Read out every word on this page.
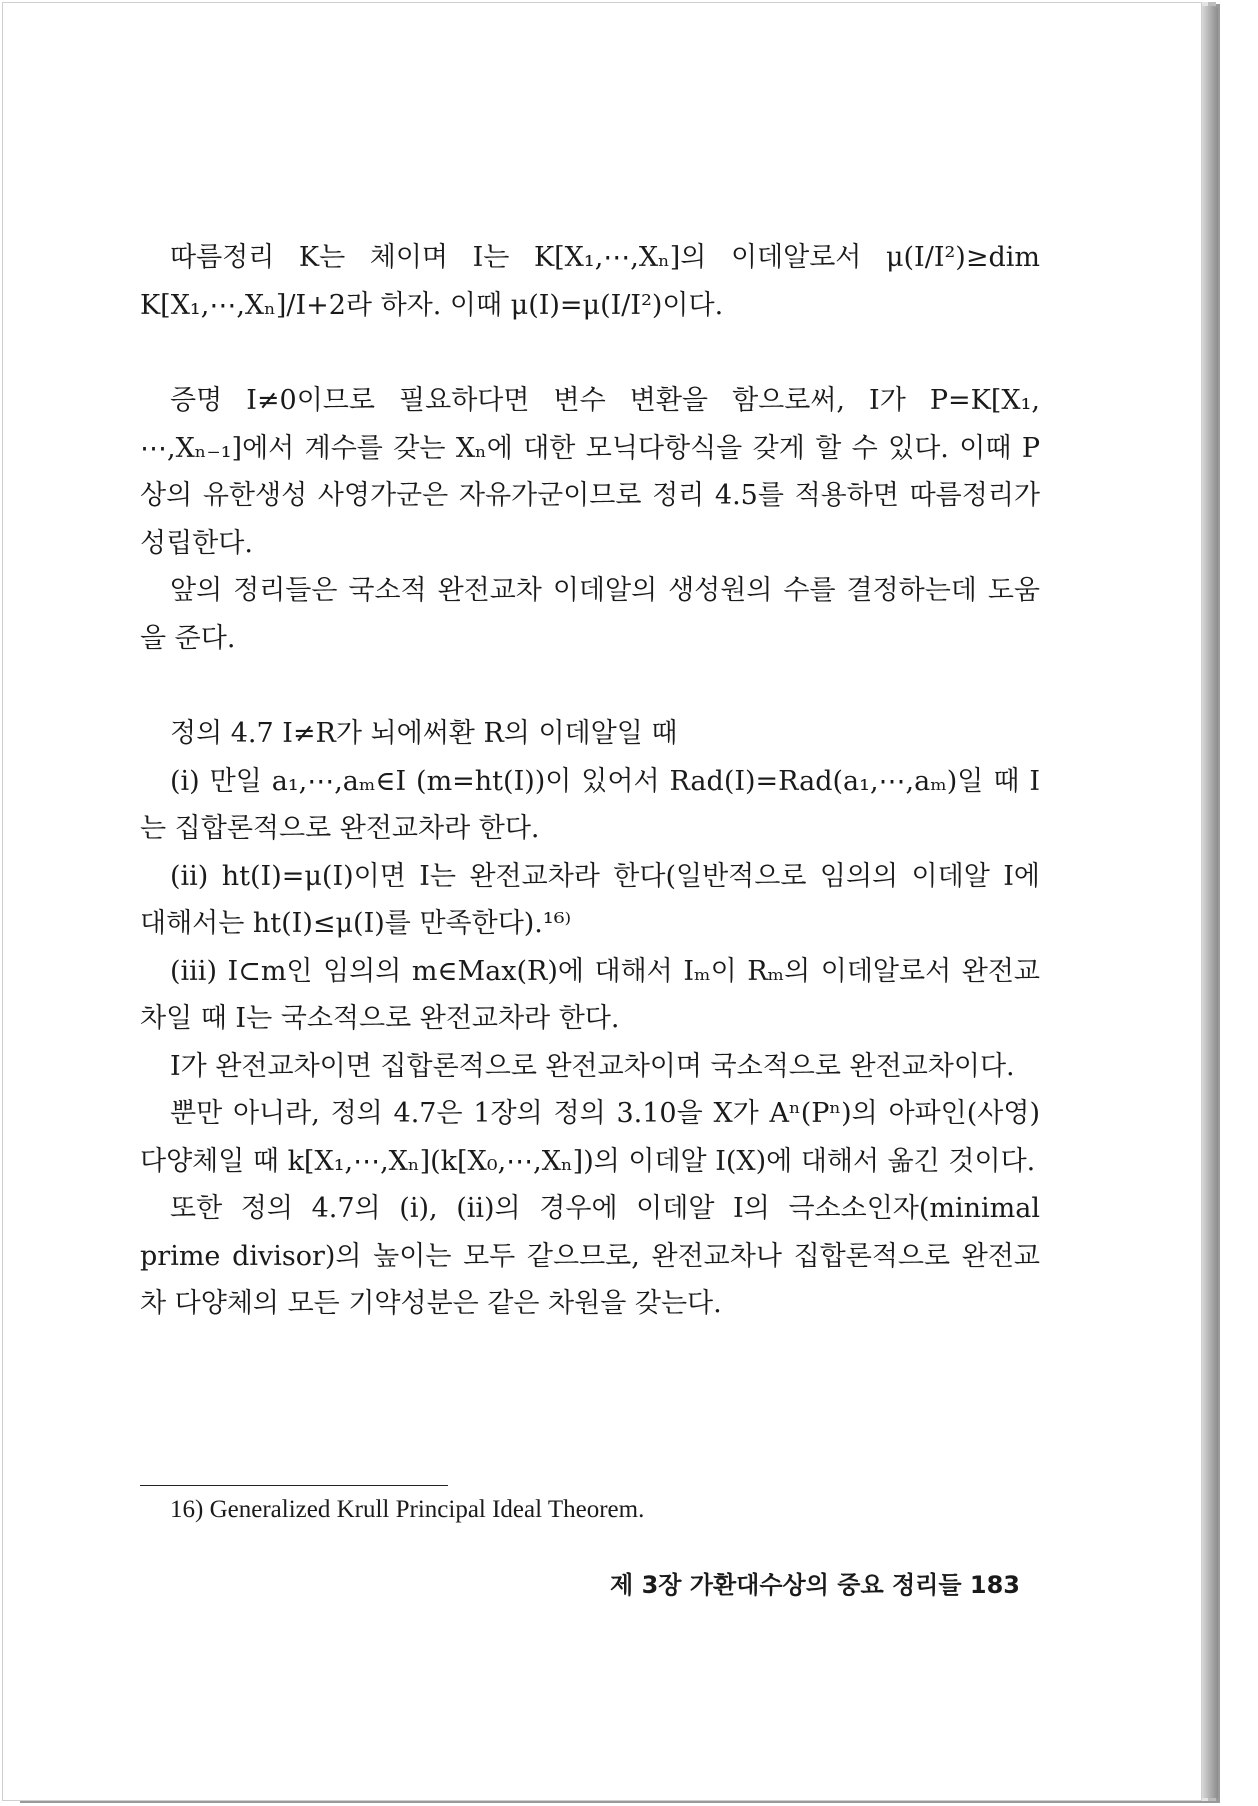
따름정리 K는 체이며 I는 K[X₁,⋯,Xₙ]의 이데알로서 μ(I/I²)≥dim K[X₁,⋯,Xₙ]/I+2라 하자. 이때 μ(I)=μ(I/I²)이다.

증명 I≠0이므로 필요하다면 변수 변환을 함으로써, I가 P=K[X₁, ⋯,Xₙ₋₁]에서 계수를 갖는 Xₙ에 대한 모닉다항식을 갖게 할 수 있다. 이때 P상의 유한생성 사영가군은 자유가군이므로 정리 4.5를 적용하면 따름정리가 성립한다.

앞의 정리들은 국소적 완전교차 이데알의 생성원의 수를 결정하는데 도움을 준다.

정의 4.7 I≠R가 뇌에써환 R의 이데알일 때

(i) 만일 a₁,⋯,aₘ∈I (m=ht(I))이 있어서 Rad(I)=Rad(a₁,⋯,aₘ)일 때 I는 집합론적으로 완전교차라 한다.

(ii) ht(I)=μ(I)이면 I는 완전교차라 한다(일반적으로 임의의 이데알 I에 대해서는 ht(I)≤μ(I)를 만족한다).¹⁶⁾

(iii) I⊂m인 임의의 m∈Max(R)에 대해서 Iₘ이 Rₘ의 이데알로서 완전교차일 때 I는 국소적으로 완전교차라 한다.

I가 완전교차이면 집합론적으로 완전교차이며 국소적으로 완전교차이다.

뿐만 아니라, 정의 4.7은 1장의 정의 3.10을 X가 Aⁿ(Pⁿ)의 아파인(사영)다양체일 때 k[X₁,⋯,Xₙ](k[X₀,⋯,Xₙ])의 이데알 I(X)에 대해서 옮긴 것이다.

또한 정의 4.7의 (i), (ii)의 경우에 이데알 I의 극소소인자(minimal prime divisor)의 높이는 모두 같으므로, 완전교차나 집합론적으로 완전교차 다양체의 모든 기약성분은 같은 차원을 갖는다.

16) Generalized Krull Principal Ideal Theorem.
제 3장 가환대수상의 중요 정리들 183
